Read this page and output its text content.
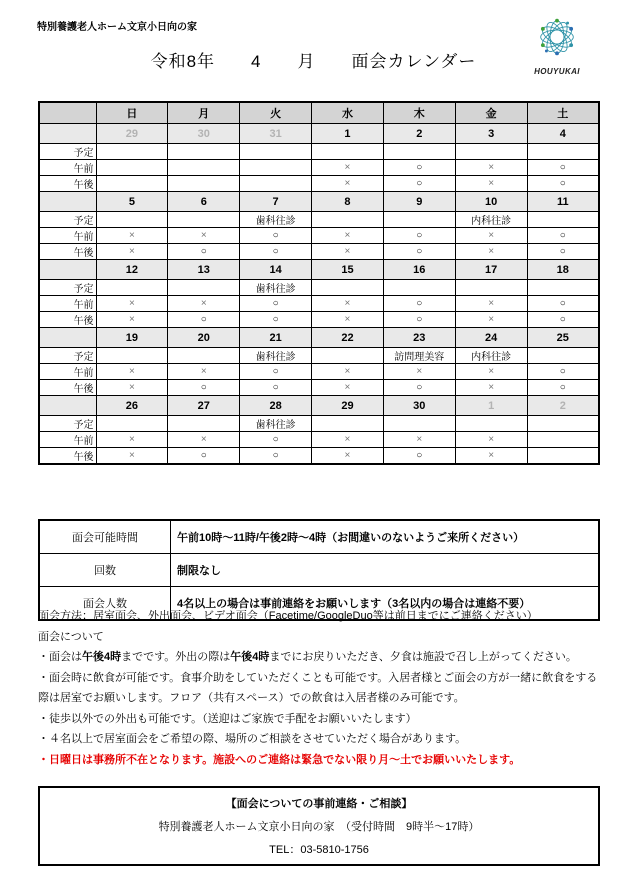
特別養護老人ホーム文京小日向の家
HOUYUKAI
令和8年　　4　　月　　面会カレンダー
	日	月	火	水	木	金	土
	29	30	31	1	2	3	4
予定							
午前				×	○	×	○
午後				×	○	×	○
	5	6	7	8	9	10	11
予定			歯科往診			内科往診	
午前	×	×	○	×	○	×	○
午後	×	○	○	×	○	×	○
	12	13	14	15	16	17	18
予定			歯科往診				
午前	×	×	○	×	○	×	○
午後	×	○	○	×	○	×	○
	19	20	21	22	23	24	25
予定			歯科往診		訪問理美容	内科往診	
午前	×	×	○	×	×	×	○
午後	×	○	○	×	○	×	○
	26	27	28	29	30	1	2
予定			歯科往診				
午前	×	×	○	×	×	×	
午後	×	○	○	×	○	×	
面会可能時間	午前10時～11時/午後2時～4時（お間違いのないようご来所ください）
回数	制限なし
面会人数	4名以上の場合は事前連絡をお願いします（3名以内の場合は連絡不要）
面会方法：居室面会、外出面会、ビデオ面会（Facetime/GoogleDuo等は前日までにご連絡ください）
面会について
・面会は午後4時までです。外出の際は午後4時までにお戻りいただき、夕食は施設で召し上がってください。
・面会時に飲食が可能です。食事介助をしていただくことも可能です。入居者様とご面会の方が一緒に飲食をする際は居室でお願いします。フロア（共有スペース）での飲食は入居者様のみ可能です。
・徒歩以外での外出も可能です。（送迎はご家族で手配をお願いいたします）
・４名以上で居室面会をご希望の際、場所のご相談をさせていただく場合があります。
・日曜日は事務所不在となります。施設へのご連絡は緊急でない限り月～土でお願いいたします。
【面会についての事前連絡・ご相談】
特別養護老人ホーム文京小日向の家　（受付時間　9時半～17時）
TEL：03-5810-1756
